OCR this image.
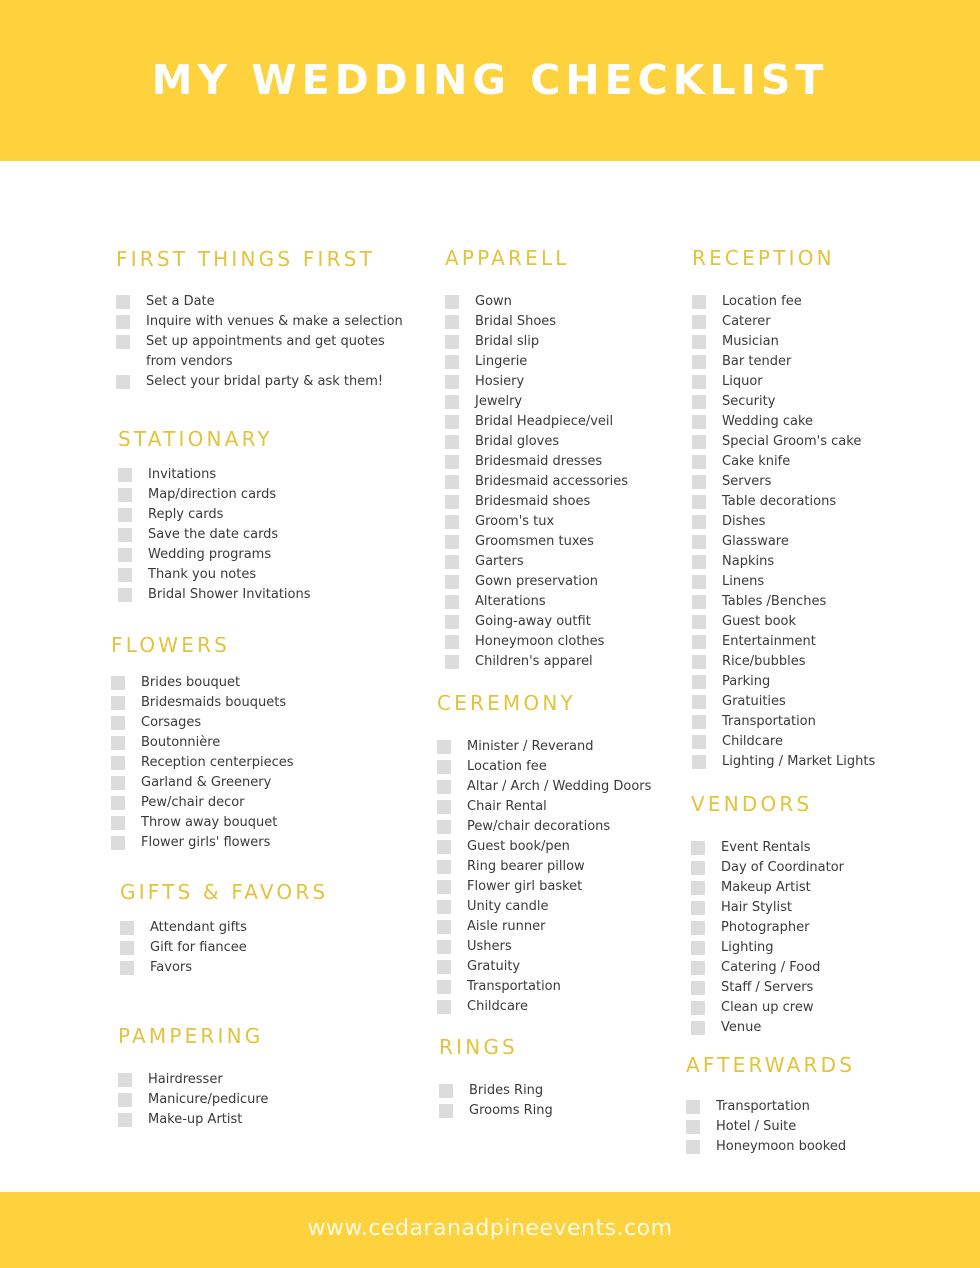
MY WEDDING CHECKLIST
FIRST THINGS FIRST
Set a Date
Inquire with venues & make a selection
Set up appointments and get quotes from vendors
Select your bridal party & ask them!
STATIONARY
Invitations
Map/direction cards
Reply cards
Save the date cards
Wedding programs
Thank you notes
Bridal Shower Invitations
FLOWERS
Brides bouquet
Bridesmaids bouquets
Corsages
Boutonnière
Reception centerpieces
Garland & Greenery
Pew/chair decor
Throw away bouquet
Flower girls' flowers
GIFTS & FAVORS
Attendant gifts
Gift for fiancee
Favors
PAMPERING
Hairdresser
Manicure/pedicure
Make-up Artist
APPARELL
Gown
Bridal Shoes
Bridal slip
Lingerie
Hosiery
Jewelry
Bridal Headpiece/veil
Bridal gloves
Bridesmaid dresses
Bridesmaid accessories
Bridesmaid shoes
Groom's tux
Groomsmen tuxes
Garters
Gown preservation
Alterations
Going-away outfit
Honeymoon clothes
Children's apparel
CEREMONY
Minister / Reverand
Location fee
Altar / Arch / Wedding Doors
Chair Rental
Pew/chair decorations
Guest book/pen
Ring bearer pillow
Flower girl basket
Unity candle
Aisle runner
Ushers
Gratuity
Transportation
Childcare
RINGS
Brides Ring
Grooms Ring
RECEPTION
Location fee
Caterer
Musician
Bar tender
Liquor
Security
Wedding cake
Special Groom's cake
Cake knife
Servers
Table decorations
Dishes
Glassware
Napkins
Linens
Tables /Benches
Guest book
Entertainment
Rice/bubbles
Parking
Gratuities
Transportation
Childcare
Lighting / Market Lights
VENDORS
Event Rentals
Day of Coordinator
Makeup Artist
Hair Stylist
Photographer
Lighting
Catering / Food
Staff / Servers
Clean up crew
Venue
AFTERWARDS
Transportation
Hotel / Suite
Honeymoon booked
www.cedaranadpineevents.com
